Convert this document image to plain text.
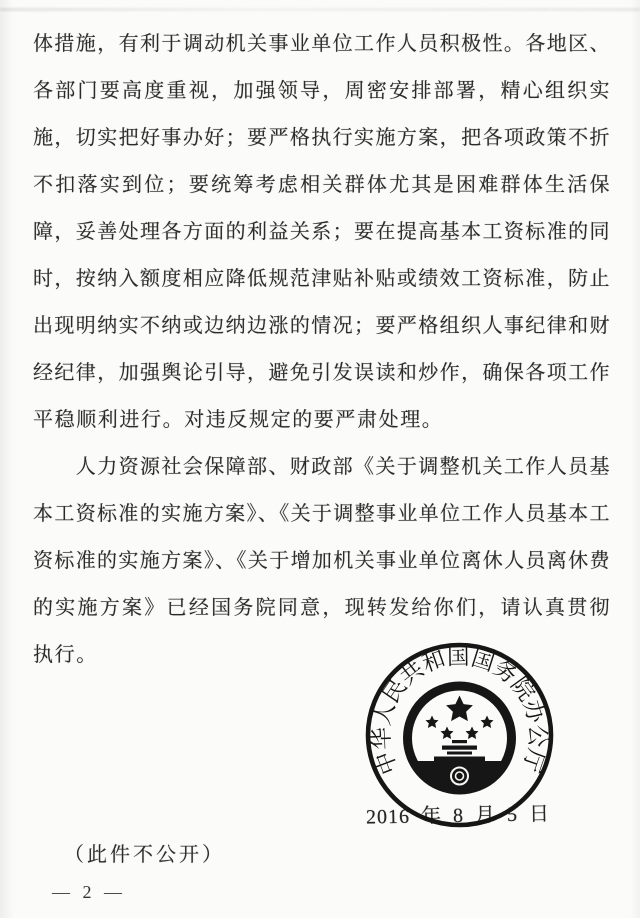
体措施，有利于调动机关事业单位工作人员积极性。各地区、
各部门要高度重视，加强领导，周密安排部署，精心组织实
施，切实把好事办好；要严格执行实施方案，把各项政策不折
不扣落实到位；要统筹考虑相关群体尤其是困难群体生活保
障，妥善处理各方面的利益关系；要在提高基本工资标准的同
时，按纳入额度相应降低规范津贴补贴或绩效工资标准，防止
出现明纳实不纳或边纳边涨的情况；要严格组织人事纪律和财
经纪律，加强舆论引导，避免引发误读和炒作，确保各项工作
平稳顺利进行。对违反规定的要严肃处理。
　　人力资源社会保障部、财政部《关于调整机关工作人员基
本工资标准的实施方案》、《关于调整事业单位工作人员基本工
资标准的实施方案》、《关于增加机关事业单位离休人员离休费
的实施方案》已经国务院同意，现转发给你们，请认真贯彻
执行。
2016 年 8 月 5 日
中华人民共和国国务院办公厅
（此件不公开）
— 2 —
